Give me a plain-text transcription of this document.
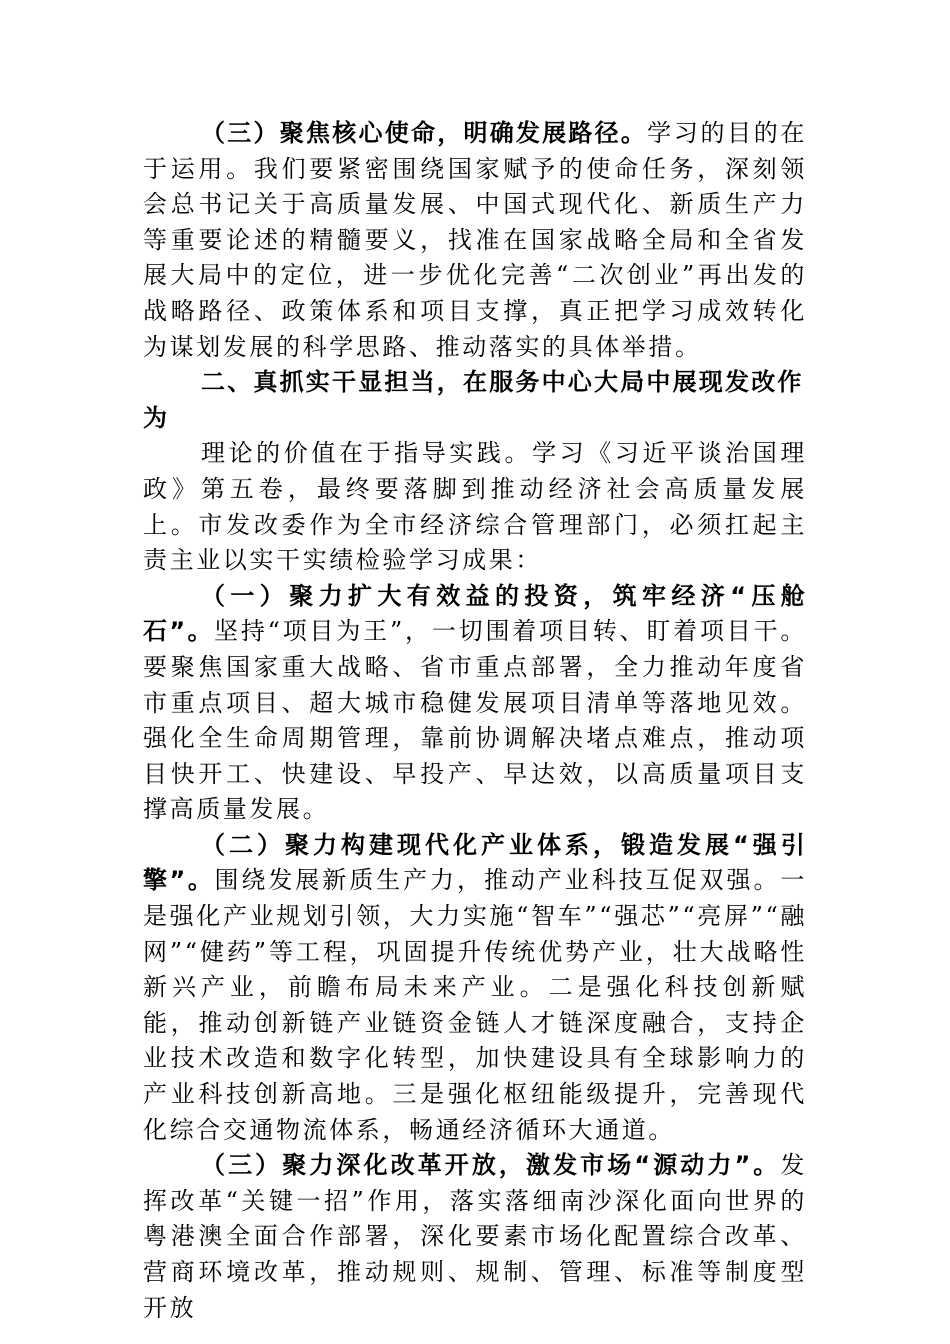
（三）聚焦核心使命，明确发展路径。学习的目的在于运用。我们要紧密围绕国家赋予的使命任务，深刻领会总书记关于高质量发展、中国式现代化、新质生产力等重要论述的精髓要义，找准在国家战略全局和全省发展大局中的定位，进一步优化完善“二次创业”再出发的战略路径、政策体系和项目支撑，真正把学习成效转化为谋划发展的科学思路、推动落实的具体举措。

二、真抓实干显担当，在服务中心大局中展现发改作为

理论的价值在于指导实践。学习《习近平谈治国理政》第五卷，最终要落脚到推动经济社会高质量发展上。市发改委作为全市经济综合管理部门，必须扛起主责主业以实干实绩检验学习成果：

（一）聚力扩大有效益的投资，筑牢经济“压舱石”。坚持“项目为王”，一切围着项目转、盯着项目干。要聚焦国家重大战略、省市重点部署，全力推动年度省市重点项目、超大城市稳健发展项目清单等落地见效。强化全生命周期管理，靠前协调解决堵点难点，推动项目快开工、快建设、早投产、早达效，以高质量项目支撑高质量发展。

（二）聚力构建现代化产业体系，锻造发展“强引擎”。围绕发展新质生产力，推动产业科技互促双强。一是强化产业规划引领，大力实施“智车”“强芯”“亮屏”“融网”“健药”等工程，巩固提升传统优势产业，壮大战略性新兴产业，前瞻布局未来产业。二是强化科技创新赋能，推动创新链产业链资金链人才链深度融合，支持企业技术改造和数字化转型，加快建设具有全球影响力的产业科技创新高地。三是强化枢纽能级提升，完善现代化综合交通物流体系，畅通经济循环大通道。

（三）聚力深化改革开放，激发市场“源动力”。发挥改革“关键一招”作用，落实落细南沙深化面向世界的粤港澳全面合作部署，深化要素市场化配置综合改革、营商环境改革，推动规则、规制、管理、标准等制度型开放
